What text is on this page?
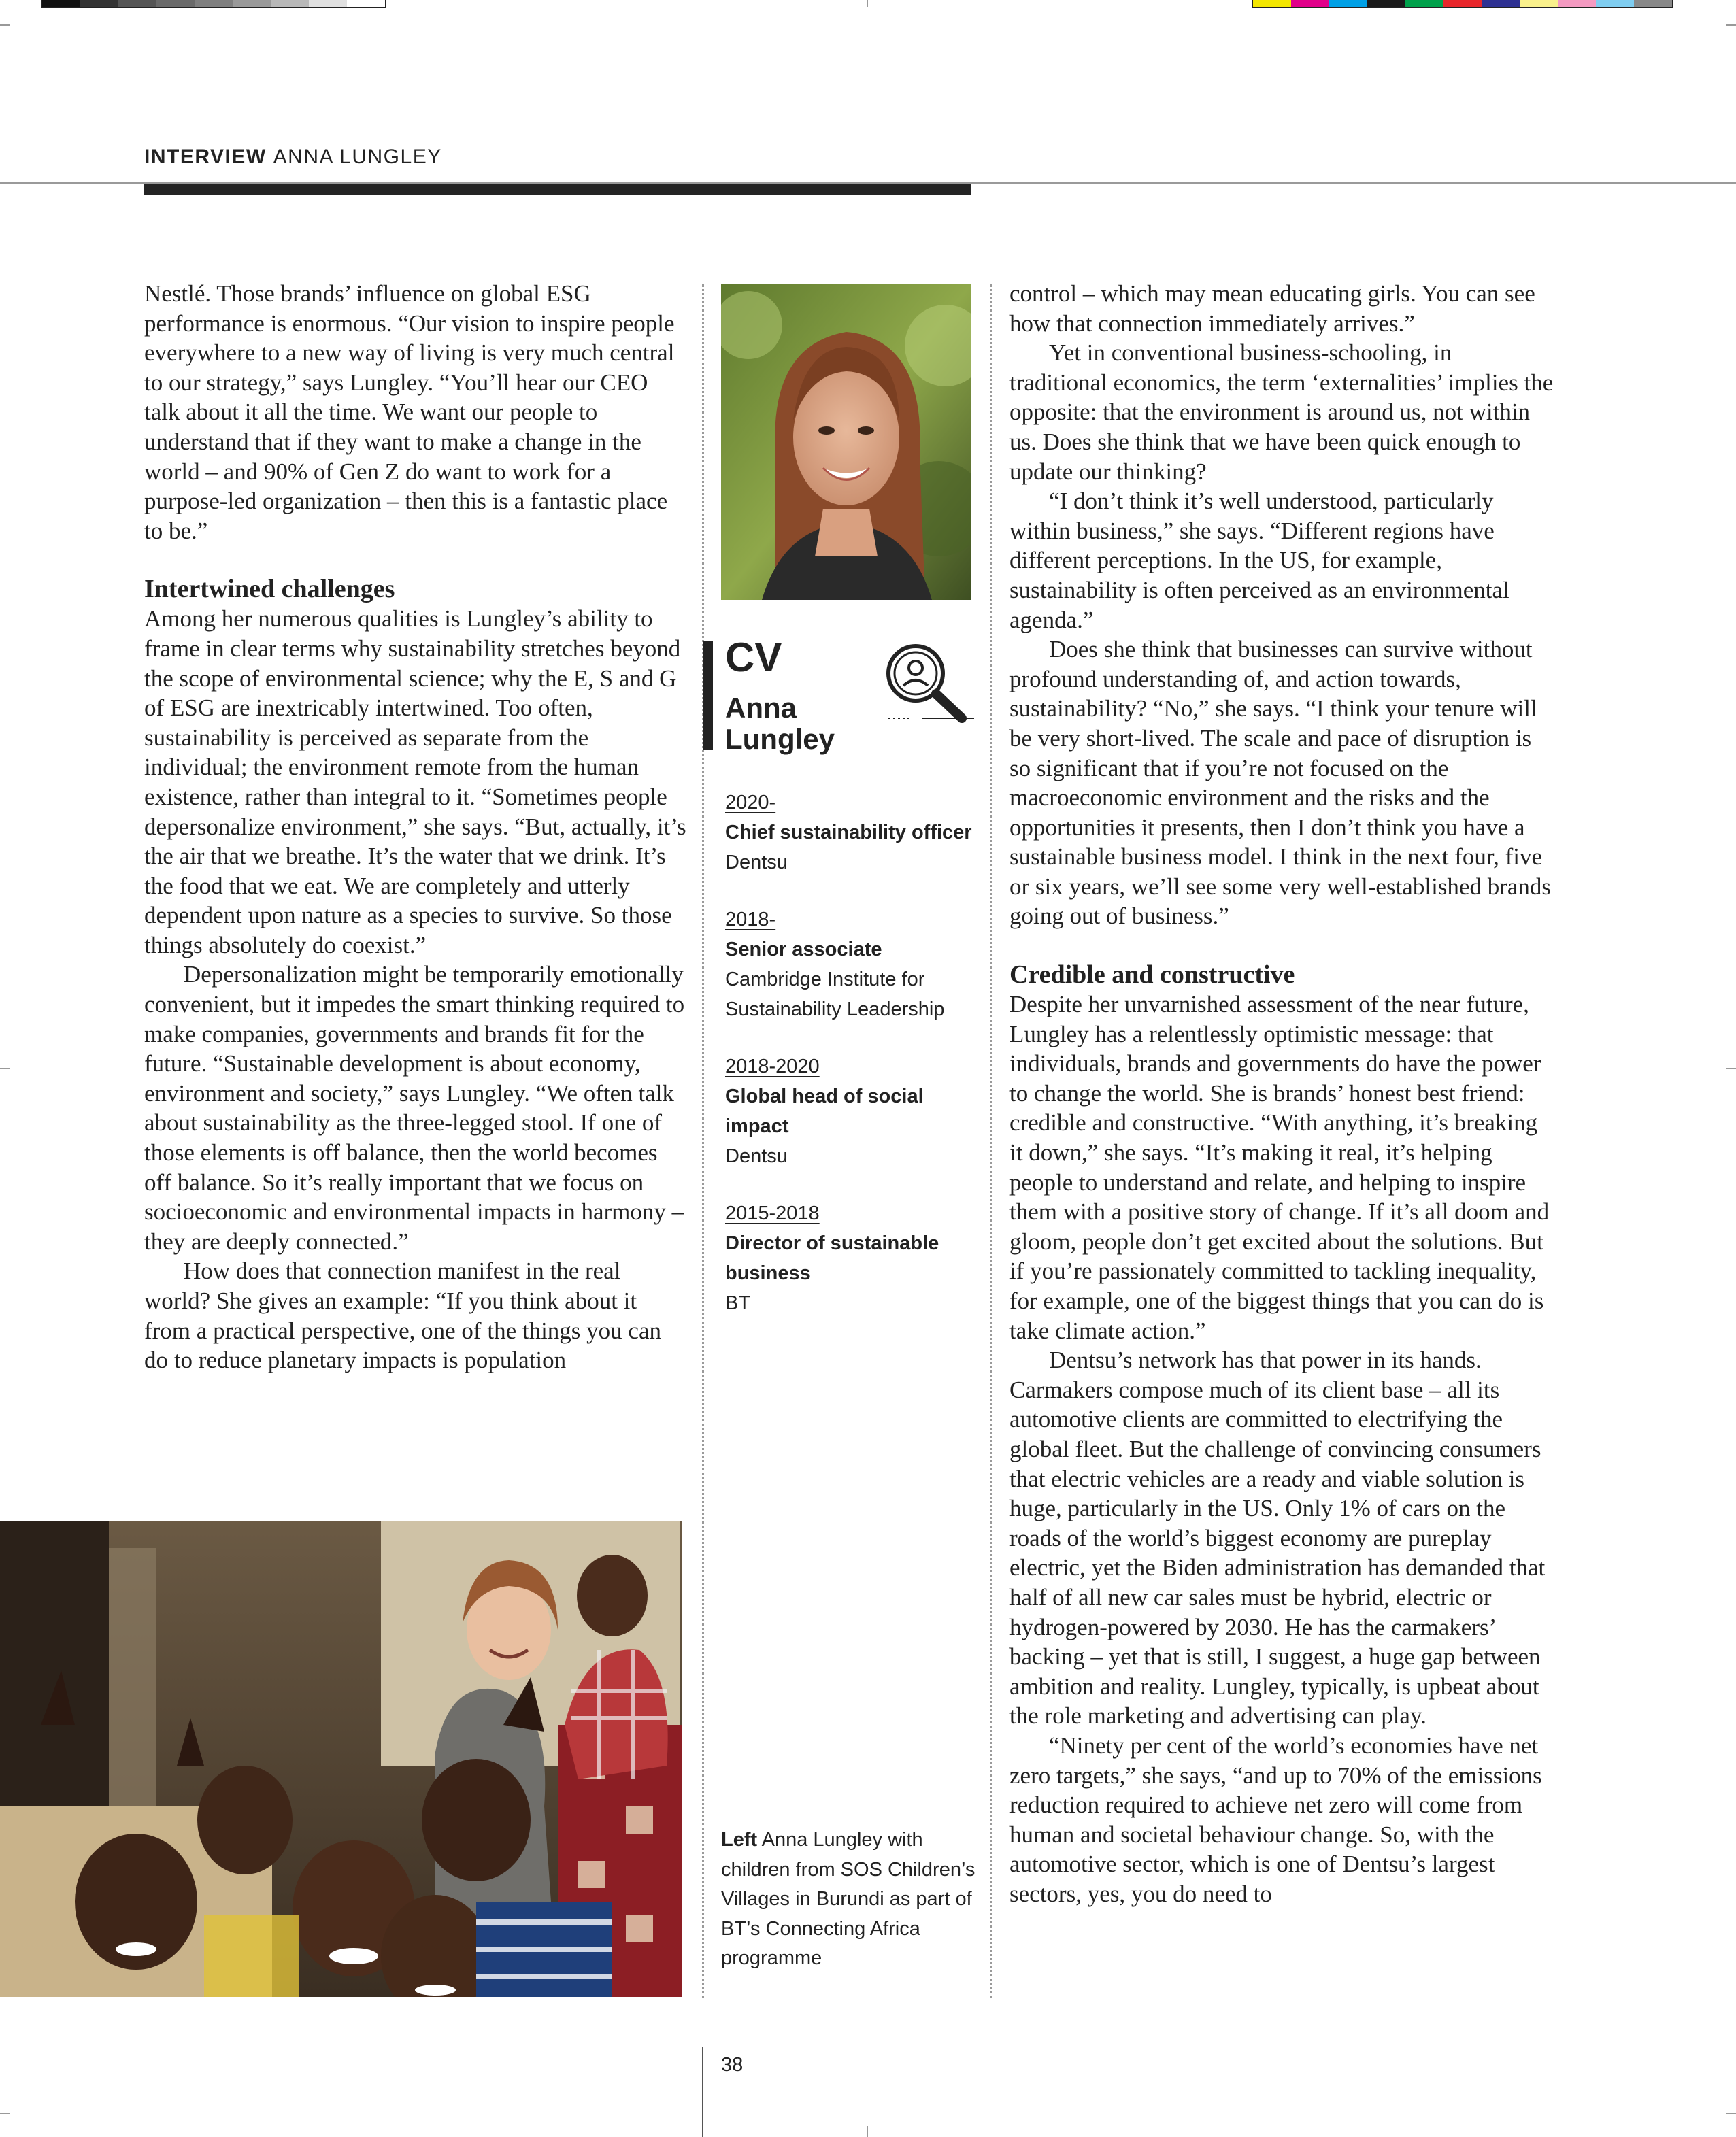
INTERVIEW ANNA LUNGLEY

Nestlé. Those brands’ influence on global ESG performance is enormous. “Our vision to inspire people everywhere to a new way of living is very much central to our strategy,” says Lungley. “You’ll hear our CEO talk about it all the time. We want our people to understand that if they want to make a change in the world – and 90% of Gen Z do want to work for a purpose-led organization – then this is a fantastic place to be.”

Intertwined challenges

Among her numerous qualities is Lungley’s ability to frame in clear terms why sustainability stretches beyond the scope of environmental science; why the E, S and G of ESG are inextricably intertwined. Too often, sustainability is perceived as separate from the individual; the environment remote from the human existence, rather than integral to it. “Sometimes people depersonalize environment,” she says. “But, actually, it’s the air that we breathe. It’s the water that we drink. It’s the food that we eat. We are completely and utterly dependent upon nature as a species to survive. So those things absolutely do coexist.”

Depersonalization might be temporarily emotionally convenient, but it impedes the smart thinking required to make companies, governments and brands fit for the future. “Sustainable development is about economy, environment and society,” says Lungley. “We often talk about sustainability as the three-legged stool. If one of those elements is off balance, then the world becomes off balance. So it’s really important that we focus on socioeconomic and environmental impacts in harmony – they are deeply connected.”

How does that connection manifest in the real world? She gives an example: “If you think about it from a practical perspective, one of the things you can do to reduce planetary impacts is population

CV
Anna Lungley
2020-
Chief sustainability officer
Dentsu
2018-
Senior associate
Cambridge Institute for Sustainability Leadership
2018-2020
Global head of social impact
Dentsu
2015-2018
Director of sustainable business
BT
Left Anna Lungley with children from SOS Children’s Villages in Burundi as part of BT’s Connecting Africa programme

control – which may mean educating girls. You can see how that connection immediately arrives.”

Yet in conventional business-schooling, in traditional economics, the term ‘externalities’ implies the opposite: that the environment is around us, not within us. Does she think that we have been quick enough to update our thinking?

“I don’t think it’s well understood, particularly within business,” she says. “Different regions have different perceptions. In the US, for example, sustainability is often perceived as an environmental agenda.”

Does she think that businesses can survive without profound understanding of, and action towards, sustainability? “No,” she says. “I think your tenure will be very short-lived. The scale and pace of disruption is so significant that if you’re not focused on the macroeconomic environment and the risks and the opportunities it presents, then I don’t think you have a sustainable business model. I think in the next four, five or six years, we’ll see some very well-established brands going out of business.”

Credible and constructive

Despite her unvarnished assessment of the near future, Lungley has a relentlessly optimistic message: that individuals, brands and governments do have the power to change the world. She is brands’ honest best friend: credible and constructive. “With anything, it’s breaking it down,” she says. “It’s making it real, it’s helping people to understand and relate, and helping to inspire them with a positive story of change. If it’s all doom and gloom, people don’t get excited about the solutions. But if you’re passionately committed to tackling inequality, for example, one of the biggest things that you can do is take climate action.”

Dentsu’s network has that power in its hands. Carmakers compose much of its client base – all its automotive clients are committed to electrifying the global fleet. But the challenge of convincing consumers that electric vehicles are a ready and viable solution is huge, particularly in the US. Only 1% of cars on the roads of the world’s biggest economy are pureplay electric, yet the Biden administration has demanded that half of all new car sales must be hybrid, electric or hydrogen-powered by 2030. He has the carmakers’ backing – yet that is still, I suggest, a huge gap between ambition and reality. Lungley, typically, is upbeat about the role marketing and advertising can play.

“Ninety per cent of the world’s economies have net zero targets,” she says, “and up to 70% of the emissions reduction required to achieve net zero will come from human and societal behaviour change. So, with the automotive sector, which is one of Dentsu’s largest sectors, yes, you do need to

38
